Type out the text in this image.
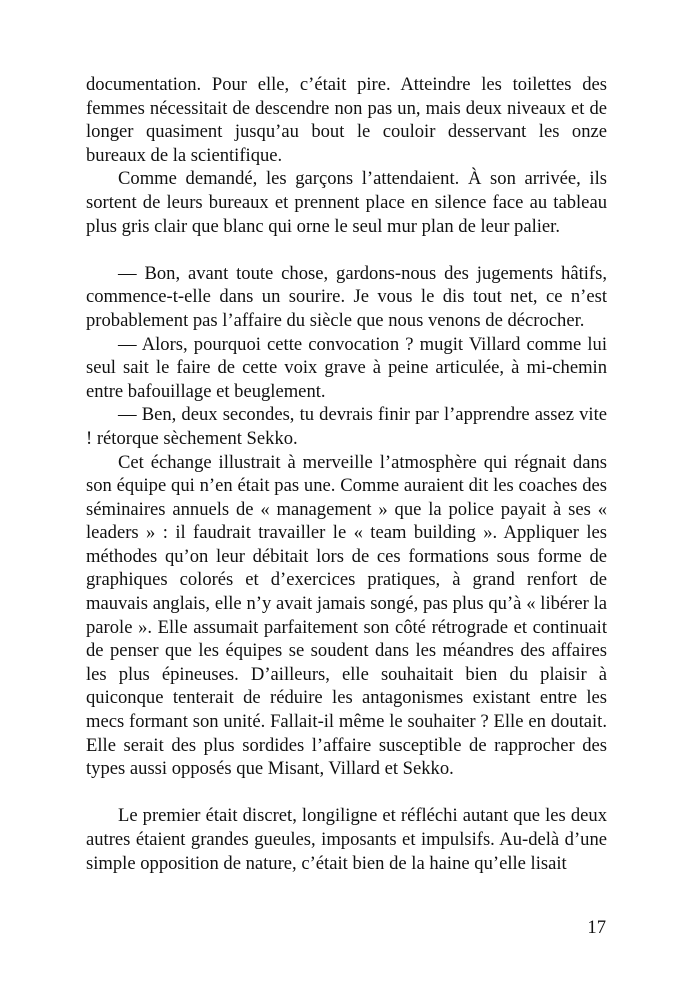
documentation. Pour elle, c’était pire. Atteindre les toilettes des femmes nécessitait de descendre non pas un, mais deux niveaux et de longer quasiment jusqu’au bout le couloir desservant les onze bureaux de la scientifique.

Comme demandé, les garçons l’attendaient. À son arrivée, ils sortent de leurs bureaux et prennent place en silence face au tableau plus gris clair que blanc qui orne le seul mur plan de leur palier.

— Bon, avant toute chose, gardons-nous des jugements hâtifs, commence-t-elle dans un sourire. Je vous le dis tout net, ce n’est probablement pas l’affaire du siècle que nous venons de décrocher.

— Alors, pourquoi cette convocation ? mugit Villard comme lui seul sait le faire de cette voix grave à peine articulée, à mi-chemin entre bafouillage et beuglement.

— Ben, deux secondes, tu devrais finir par l’apprendre assez vite ! rétorque sèchement Sekko.

Cet échange illustrait à merveille l’atmosphère qui régnait dans son équipe qui n’en était pas une. Comme auraient dit les coaches des séminaires annuels de « management » que la police payait à ses « leaders » : il faudrait travailler le « team building ». Appliquer les méthodes qu’on leur débitait lors de ces formations sous forme de graphiques colorés et d’exercices pratiques, à grand renfort de mauvais anglais, elle n’y avait jamais songé, pas plus qu’à « libérer la parole ». Elle assumait parfaitement son côté rétrograde et continuait de penser que les équipes se soudent dans les méandres des affaires les plus épineuses. D’ailleurs, elle souhaitait bien du plaisir à quiconque tenterait de réduire les antagonismes existant entre les mecs formant son unité. Fallait-il même le souhaiter ? Elle en doutait. Elle serait des plus sordides l’affaire susceptible de rapprocher des types aussi opposés que Misant, Villard et Sekko.

Le premier était discret, longiligne et réfléchi autant que les deux autres étaient grandes gueules, imposants et impulsifs. Au-delà d’une simple opposition de nature, c’était bien de la haine qu’elle lisait

17
